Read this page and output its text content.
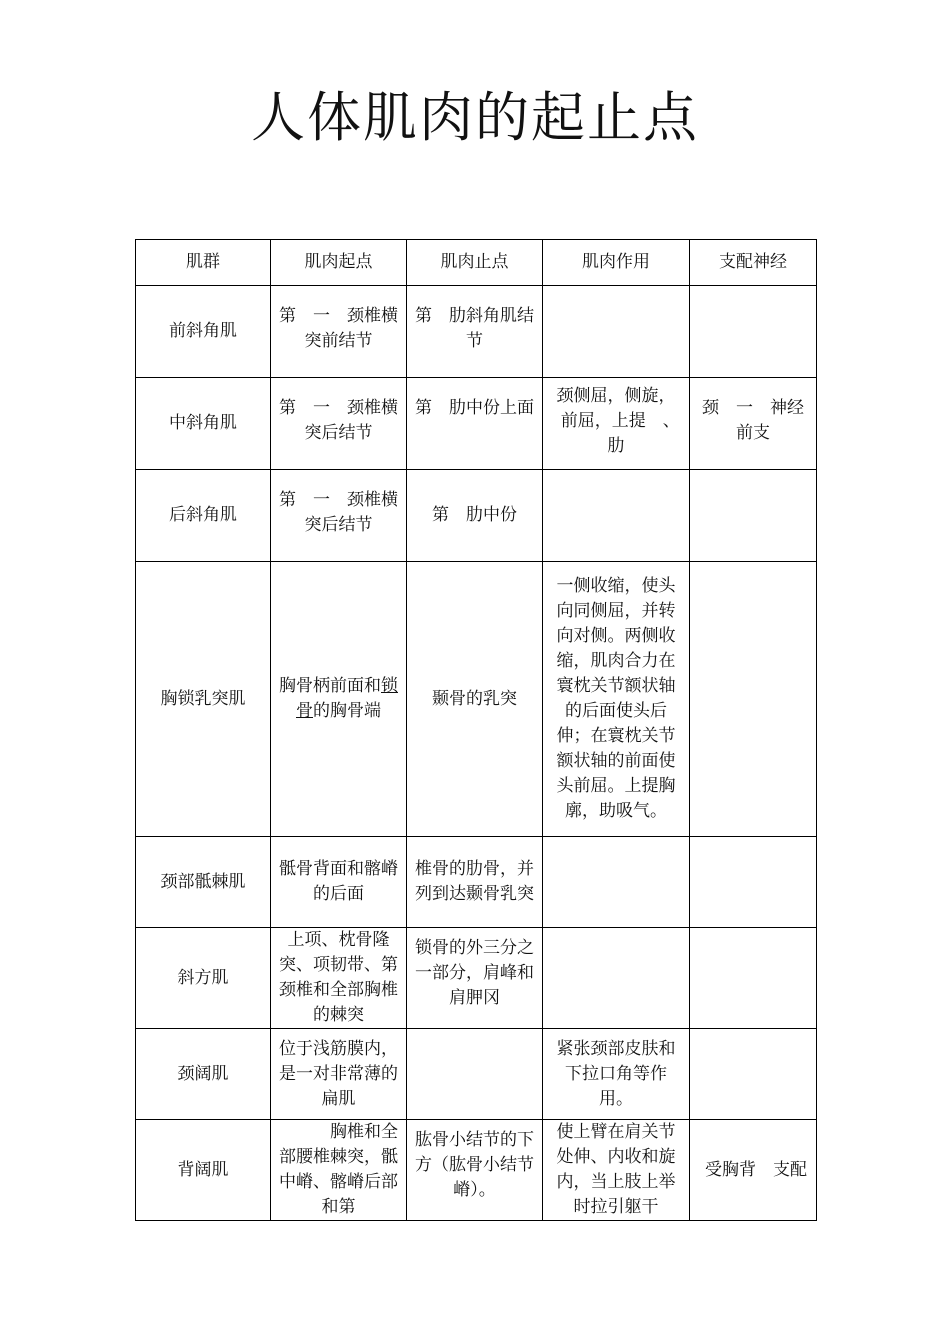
人体肌肉的起止点
肌群	肌肉起点	肌肉止点	肌肉作用	支配神经
前斜角肌	第　一　颈椎横突前结节	第　肋斜角肌结节		
中斜角肌	第　一　颈椎横突后结节	第　肋中份上面	颈侧屈，侧旋，前屈，上提　、　肋	颈　一　神经前支
后斜角肌	第　一　颈椎横突后结节	第　肋中份		
胸锁乳突肌	胸骨柄前面和锁骨的胸骨端	颞骨的乳突	一侧收缩，使头向同侧屈，并转向对侧。两侧收缩，肌肉合力在寰枕关节额状轴的后面使头后伸；在寰枕关节额状轴的前面使头前屈。上提胸廓，助吸气。	
颈部骶棘肌	骶骨背面和髂嵴的后面	椎骨的肋骨，并列到达颞骨乳突		
斜方肌	上项、枕骨隆突、项韧带、第　颈椎和全部胸椎的棘突	锁骨的外三分之一部分，肩峰和肩胛冈		
颈阔肌	位于浅筋膜内，是一对非常薄的扁肌		紧张颈部皮肤和下拉口角等作用。	
背阔肌	　　　胸椎和全部腰椎棘突，骶中嵴、髂嵴后部和第	肱骨小结节的下方（肱骨小结节嵴）。	使上臂在肩关节处伸、内收和旋内，当上肢上举时拉引躯干	受胸背　支配
